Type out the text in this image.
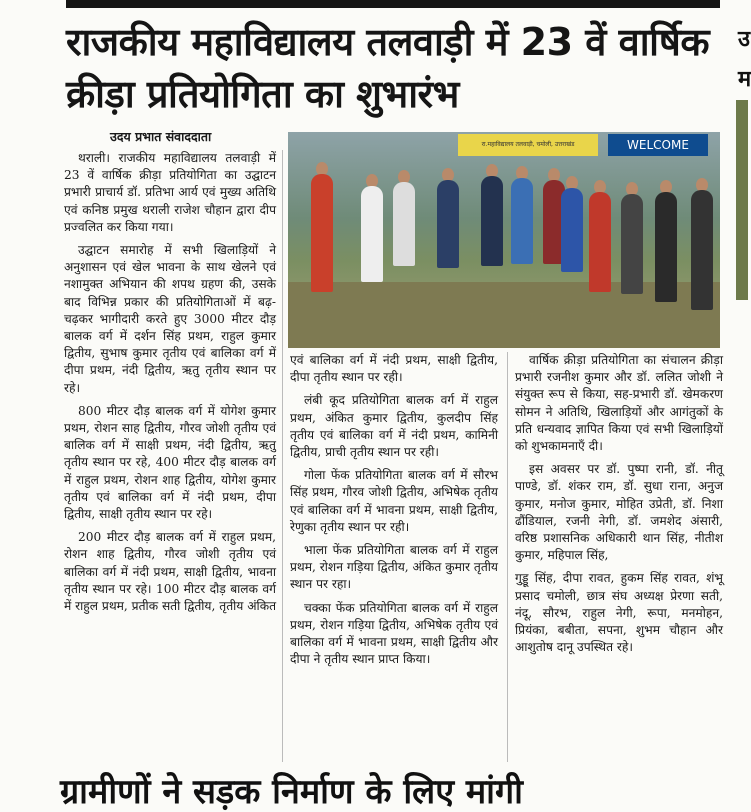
राजकीय महाविद्यालय तलवाड़ी में 23 वें वार्षिक क्रीड़ा प्रतियोगिता का शुभारंभ
उदय प्रभात संवाददाता

थराली। राजकीय महाविद्यालय तलवाड़ी में 23 वें वार्षिक क्रीड़ा प्रतियोगिता का उद्घाटन प्रभारी प्राचार्य डॉ. प्रतिभा आर्य एवं मुख्य अतिथि एवं कनिष्ठ प्रमुख थराली राजेश चौहान द्वारा दीप प्रज्वलित कर किया गया।

उद्घाटन समारोह में सभी खिलाड़ियों ने अनुशासन एवं खेल भावना के साथ खेलने एवं नशामुक्त अभियान की शपथ ग्रहण की, उसके बाद विभिन्न प्रकार की प्रतियोगिताओं में बढ़-चढ़कर भागीदारी करते हुए 3000 मीटर दौड़ बालक वर्ग में दर्शन सिंह प्रथम, राहुल कुमार द्वितीय, सुभाष कुमार तृतीय एवं बालिका वर्ग में दीपा प्रथम, नंदी द्वितीय, ऋतु तृतीय स्थान पर रहे।

800 मीटर दौड़ बालक वर्ग में योगेश कुमार प्रथम, रोशन साह द्वितीय, गौरव जोशी तृतीय एवं बालिक वर्ग में साक्षी प्रथम, नंदी द्वितीय, ऋतु तृतीय स्थान पर रहे, 400 मीटर दौड़ बालक वर्ग में राहुल प्रथम, रोशन शाह द्वितीय, योगेश कुमार तृतीय एवं बालिका वर्ग में नंदी प्रथम, दीपा द्वितीय, साक्षी तृतीय स्थान पर रहे।

200 मीटर दौड़ बालक वर्ग में राहुल प्रथम, रोशन शाह द्वितीय, गौरव जोशी तृतीय एवं बालिका वर्ग में नंदी प्रथम, साक्षी द्वितीय, भावना तृतीय स्थान पर रहे। 100 मीटर दौड़ बालक वर्ग में राहुल प्रथम, प्रतीक सती द्वितीय, तृतीय अंकित

रा.महाविद्यालय तलवाड़ी, चमोली, उत्तराखंड	WELCOME

एवं बालिका वर्ग में नंदी प्रथम, साक्षी द्वितीय, दीपा तृतीय स्थान पर रही।

लंबी कूद प्रतियोगिता बालक वर्ग में राहुल प्रथम, अंकित कुमार द्वितीय, कुलदीप सिंह तृतीय एवं बालिका वर्ग में नंदी प्रथम, कामिनी द्वितीय, प्राची तृतीय स्थान पर रही।

गोला फेंक प्रतियोगिता बालक वर्ग में सौरभ सिंह प्रथम, गौरव जोशी द्वितीय, अभिषेक तृतीय एवं बालिका वर्ग में भावना प्रथम, साक्षी द्वितीय, रेणुका तृतीय स्थान पर रही।

भाला फेंक प्रतियोगिता बालक वर्ग में राहुल प्रथम, रोशन गड़िया द्वितीय, अंकित कुमार तृतीय स्थान पर रहा।

चक्का फेंक प्रतियोगिता बालक वर्ग में राहुल प्रथम, रोशन गड़िया द्वितीय, अभिषेक तृतीय एवं बालिका वर्ग में भावना प्रथम, साक्षी द्वितीय और दीपा ने तृतीय स्थान प्राप्त किया।

वार्षिक क्रीड़ा प्रतियोगिता का संचालन क्रीड़ा प्रभारी रजनीश कुमार और डॉ. ललित जोशी ने संयुक्त रूप से किया, सह-प्रभारी डॉ. खेमकरण सोमन ने अतिथि, खिलाड़ियों और आगंतुकों के प्रति धन्यवाद ज्ञापित किया एवं सभी खिलाड़ियों को शुभकामनाएँ दी।

इस अवसर पर डॉ. पुष्पा रानी, डॉ. नीतू पाण्डे, डॉ. शंकर राम, डॉ. सुधा राना, अनुज कुमार, मनोज कुमार, मोहित उप्रेती, डॉ. निशा ढौंडियाल, रजनी नेगी, डॉ. जमशेद अंसारी, वरिष्ठ प्रशासनिक अधिकारी थान सिंह, नीतीश कुमार, महिपाल सिंह,

गुड्डू सिंह, दीपा रावत, हुकम सिंह रावत, शंभू प्रसाद चमोली, छात्र संघ अध्यक्ष प्रेरणा सती, नंदू, सौरभ, राहुल नेगी, रूपा, मनमोहन, प्रियंका, बबीता, सपना, शुभम चौहान और आशुतोष दानू उपस्थित रहे।

उ म
ग्रामीणों ने सड़क निर्माण के लिए मांगी
